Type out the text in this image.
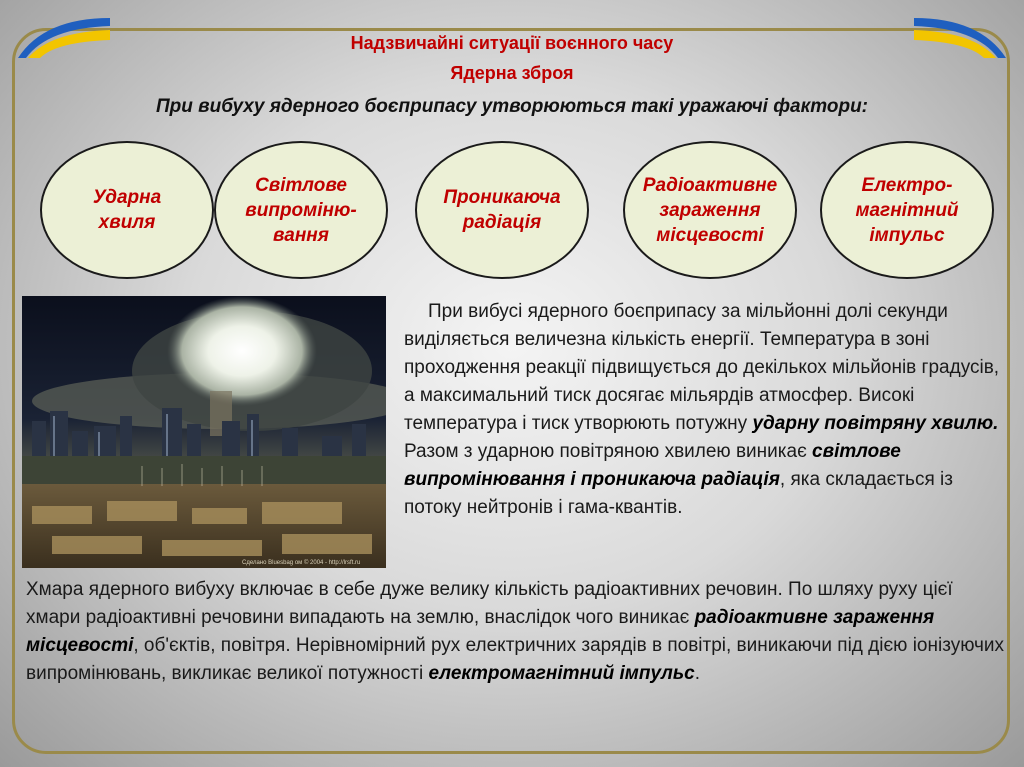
Надзвичайні ситуації воєнного часу
Ядерна зброя
При вибуху ядерного боєприпасу утворюються такі уражаючі фактори:
Ударна
хвиля
Світлове
випроміню-
вання
Проникаюча
радіація
Радіоактивне
зараження
місцевості
Електро-
магнітний
імпульс
Сделано Bluesbag ом © 2004 - http://lrsft.ru
При вибусі ядерного боєприпасу за мільйонні долі секунди виділяється величезна кількість енергії. Температура в зоні проходження реакції підвищується до декількох мільйонів градусів, а максимальний тиск досягає мільярдів атмосфер. Високі температура і тиск утворюють потужну ударну повітряну хвилю. Разом з ударною повітряною хвилею виникає світлове випромінювання і проникаюча радіація, яка складається із потоку нейтронів і гама-квантів.
Хмара ядерного вибуху включає в себе дуже велику кількість радіоактивних речовин. По шляху руху цієї хмари радіоактивні речовини випадають на землю, внаслідок чого виникає радіоактивне зараження місцевості, об'єктів, повітря. Нерівномірний рух електричних зарядів в повітрі, виникаючи під дією іонізуючих випромінювань, викликає великої потужності електромагнітний імпульс.
